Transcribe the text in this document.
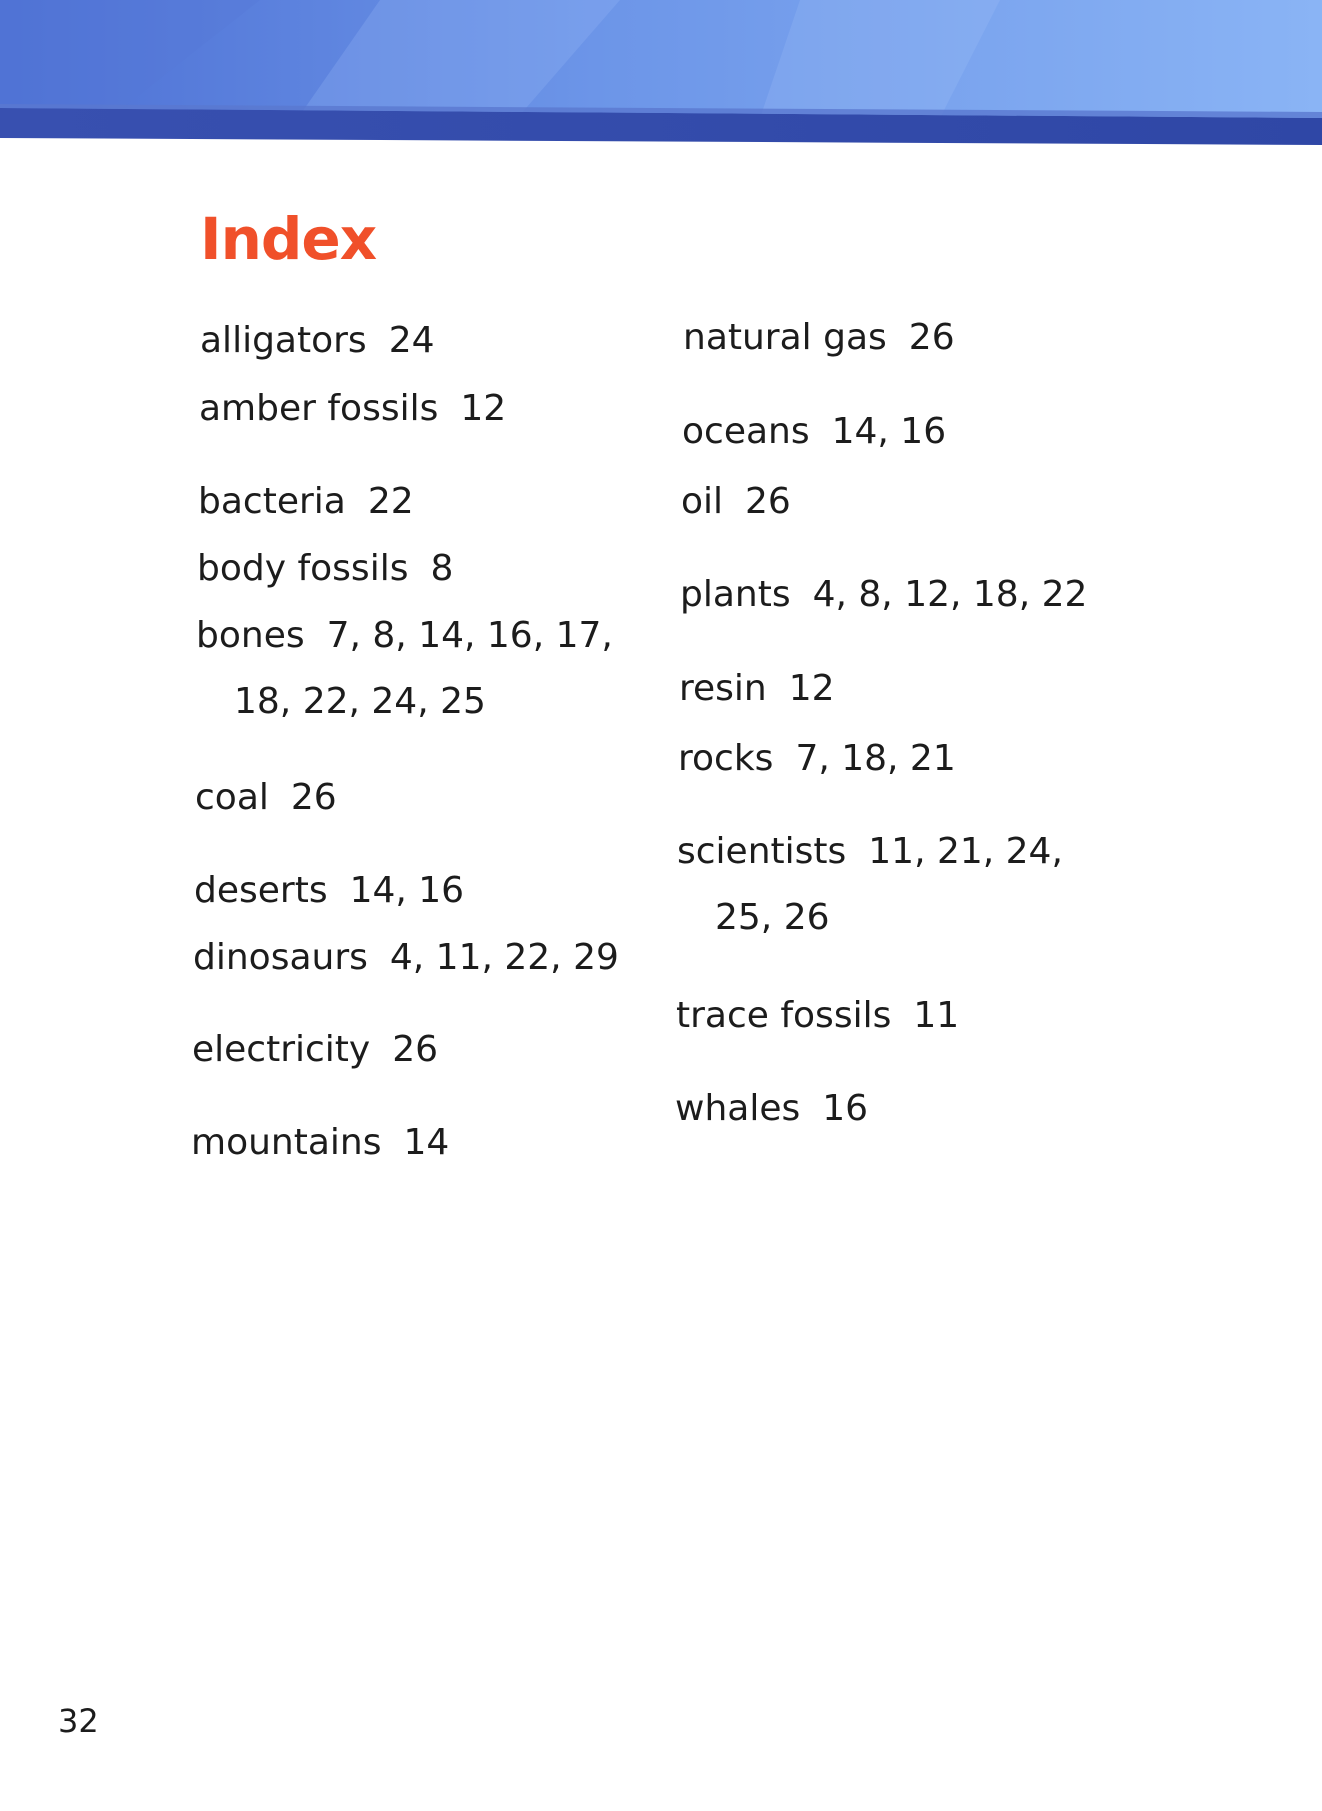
Index
alligators 24
amber fossils 12
bacteria 22
body fossils 8
bones 7, 8, 14, 16, 17,
18, 22, 24, 25
coal 26
deserts 14, 16
dinosaurs 4, 11, 22, 29
electricity 26
mountains 14
natural gas 26
oceans 14, 16
oil 26
plants 4, 8, 12, 18, 22
resin 12
rocks 7, 18, 21
scientists 11, 21, 24,
25, 26
trace fossils 11
whales 16
32
